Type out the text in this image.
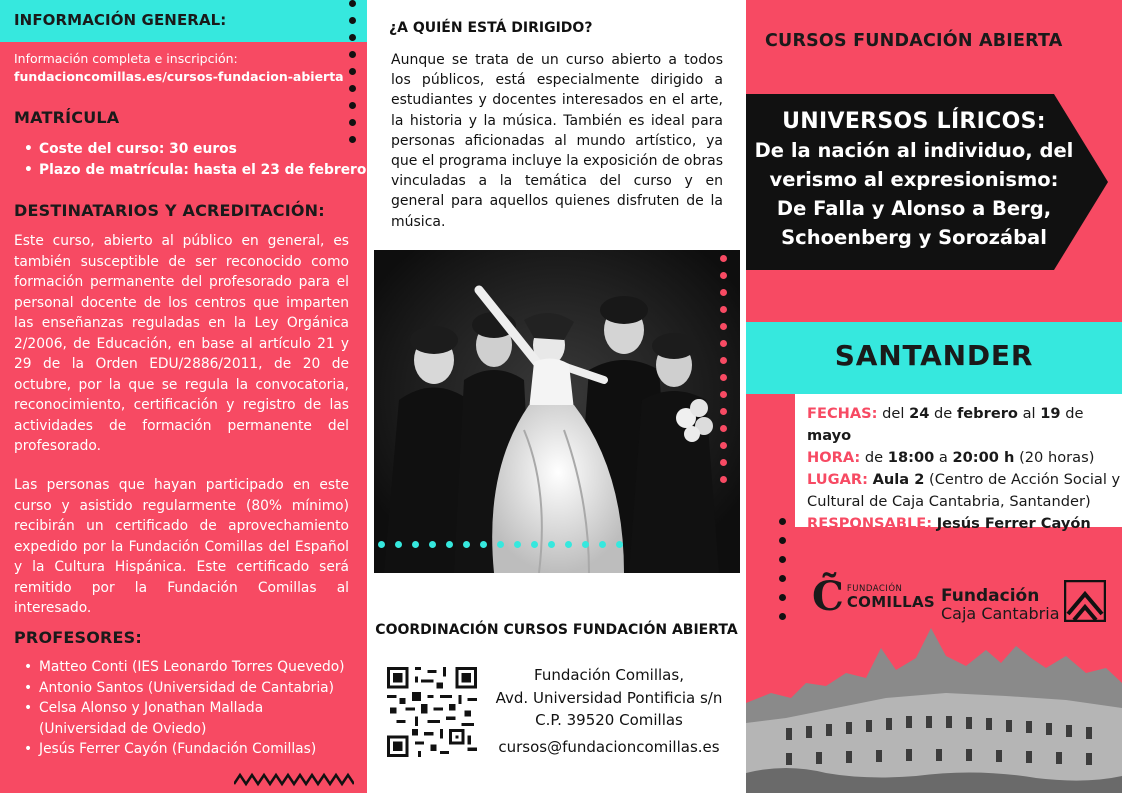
INFORMACIÓN GENERAL:
Información completa e inscripción:
fundacioncomillas.es/cursos-fundacion-abierta
MATRÍCULA
• Coste del curso: 30 euros
• Plazo de matrícula: hasta el 23 de febrero
DESTINATARIOS Y ACREDITACIÓN:

Este curso, abierto al público en general, es también susceptible de ser reconocido como formación permanente del profesorado para el personal docente de los centros que imparten las enseñanzas reguladas en la Ley Orgánica 2/2006, de Educación, en base al artículo 21 y 29 de la Orden EDU/2886/2011, de 20 de octubre, por la que se regula la convocatoria, reconocimiento, certificación y registro de las actividades de formación permanente del profesorado.

Las personas que hayan participado en este curso y asistido regularmente (80% mínimo) recibirán un certificado de aprovechamiento expedido por la Fundación Comillas del Español y la Cultura Hispánica. Este certificado será remitido por la Fundación Comillas al interesado.

PROFESORES:
• Matteo Conti (IES Leonardo Torres Quevedo)
• Antonio Santos (Universidad de Cantabria)
• Celsa Alonso y Jonathan Mallada (Universidad de Oviedo)
• Jesús Ferrer Cayón (Fundación Comillas)
¿A QUIÉN ESTÁ DIRIGIDO?

Aunque se trata de un curso abierto a todos los públicos, está especialmente dirigido a estudiantes y docentes interesados en el arte, la historia y la música. También es ideal para personas aficionadas al mundo artístico, ya que el programa incluye la exposición de obras vinculadas a la temática del curso y en general para aquellos quienes disfruten de la música.

COORDINACIÓN CURSOS FUNDACIÓN ABIERTA
Fundación Comillas,
Avd. Universidad Pontificia s/n
C.P. 39520 Comillas
cursos@fundacioncomillas.es
CURSOS FUNDACIÓN ABIERTA
UNIVERSOS LÍRICOS:
De la nación al individuo, del
verismo al expresionismo:
De Falla y Alonso a Berg,
Schoenberg y Sorozábal
SANTANDER
FECHAS: del 24 de febrero al 19 de mayo
HORA: de 18:00 a 20:00 h (20 horas)
LUGAR: Aula 2 (Centro de Acción Social y Cultural de Caja Cantabria, Santander)
RESPONSABLE: Jesús Ferrer Cayón
C̃ FUNDACIÓN
COMILLAS Fundación
Caja Cantabria
